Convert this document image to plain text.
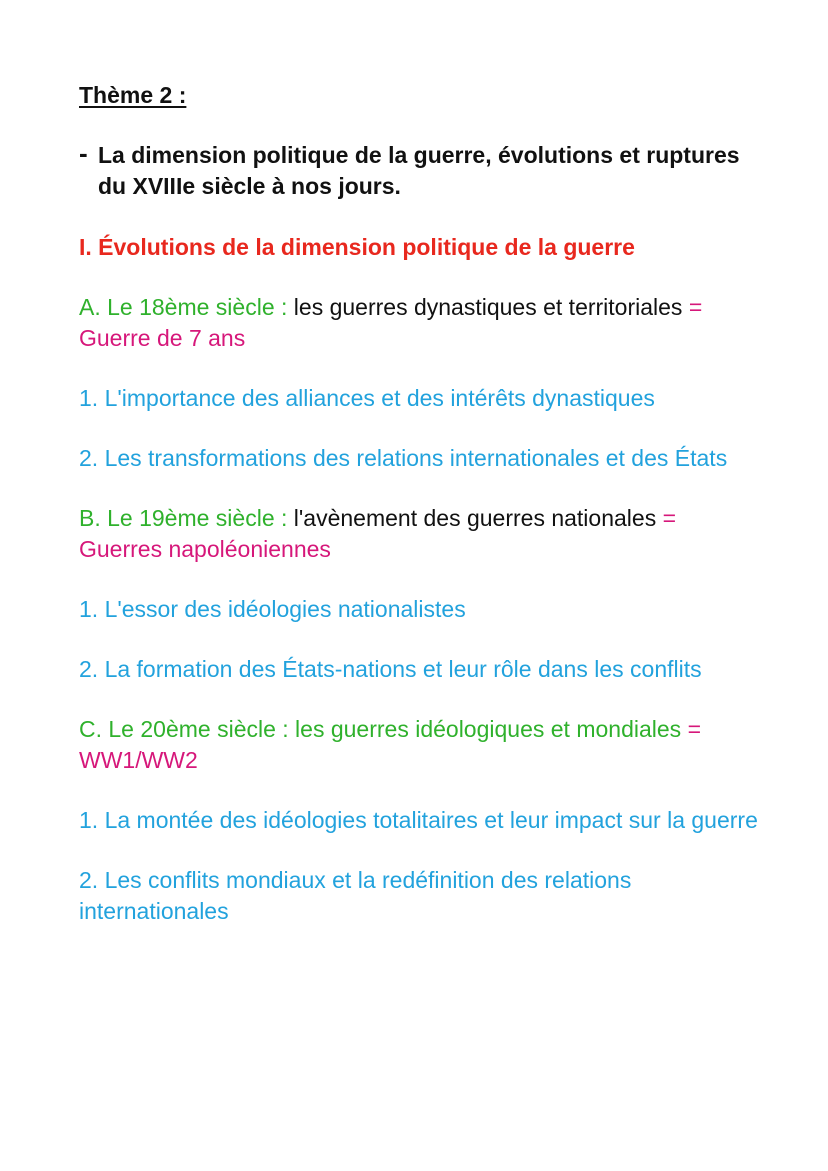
Thème 2 :
- La dimension politique de la guerre, évolutions et ruptures du XVIIIe siècle à nos jours.
I. Évolutions de la dimension politique de la guerre
A. Le 18ème siècle : les guerres dynastiques et territoriales = Guerre de 7 ans
1. L'importance des alliances et des intérêts dynastiques
2. Les transformations des relations internationales et des États
B. Le 19ème siècle : l'avènement des guerres nationales = Guerres napoléoniennes
1. L'essor des idéologies nationalistes
2. La formation des États-nations et leur rôle dans les conflits
C. Le 20ème siècle : les guerres idéologiques et mondiales = WW1/WW2
1. La montée des idéologies totalitaires et leur impact sur la guerre
2. Les conflits mondiaux et la redéfinition des relations internationales
